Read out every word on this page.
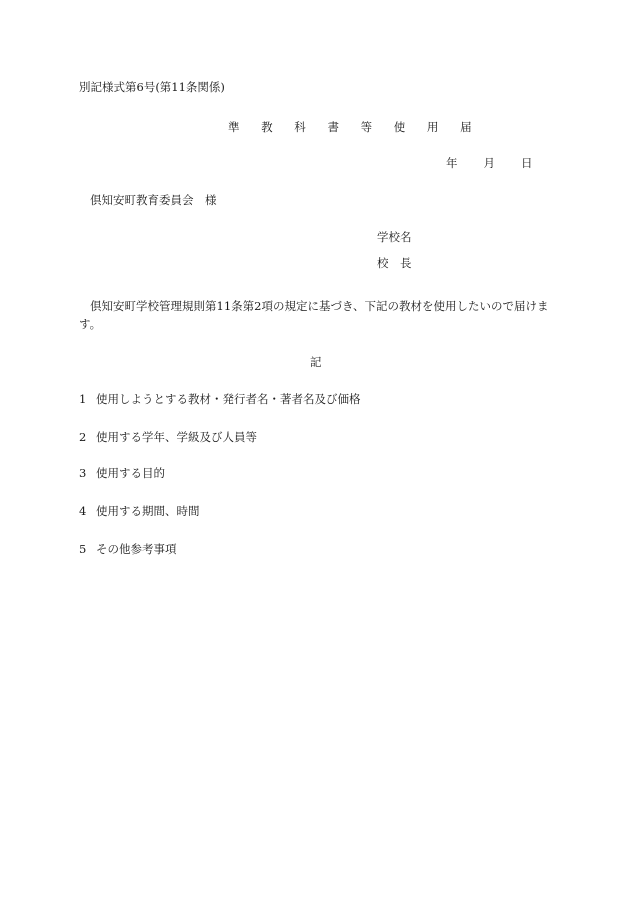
別記様式第6号(第11条関係)
準 教 科 書 等 使 用 届
年 月 日
倶知安町教育委員会　様
学校名
校　長
倶知安町学校管理規則第11条第2項の規定に基づき、下記の教材を使用したいので届けます。
記
1 使用しようとする教材・発行者名・著者名及び価格
2 使用する学年、学級及び人員等
3 使用する目的
4 使用する期間、時間
5 その他参考事項
